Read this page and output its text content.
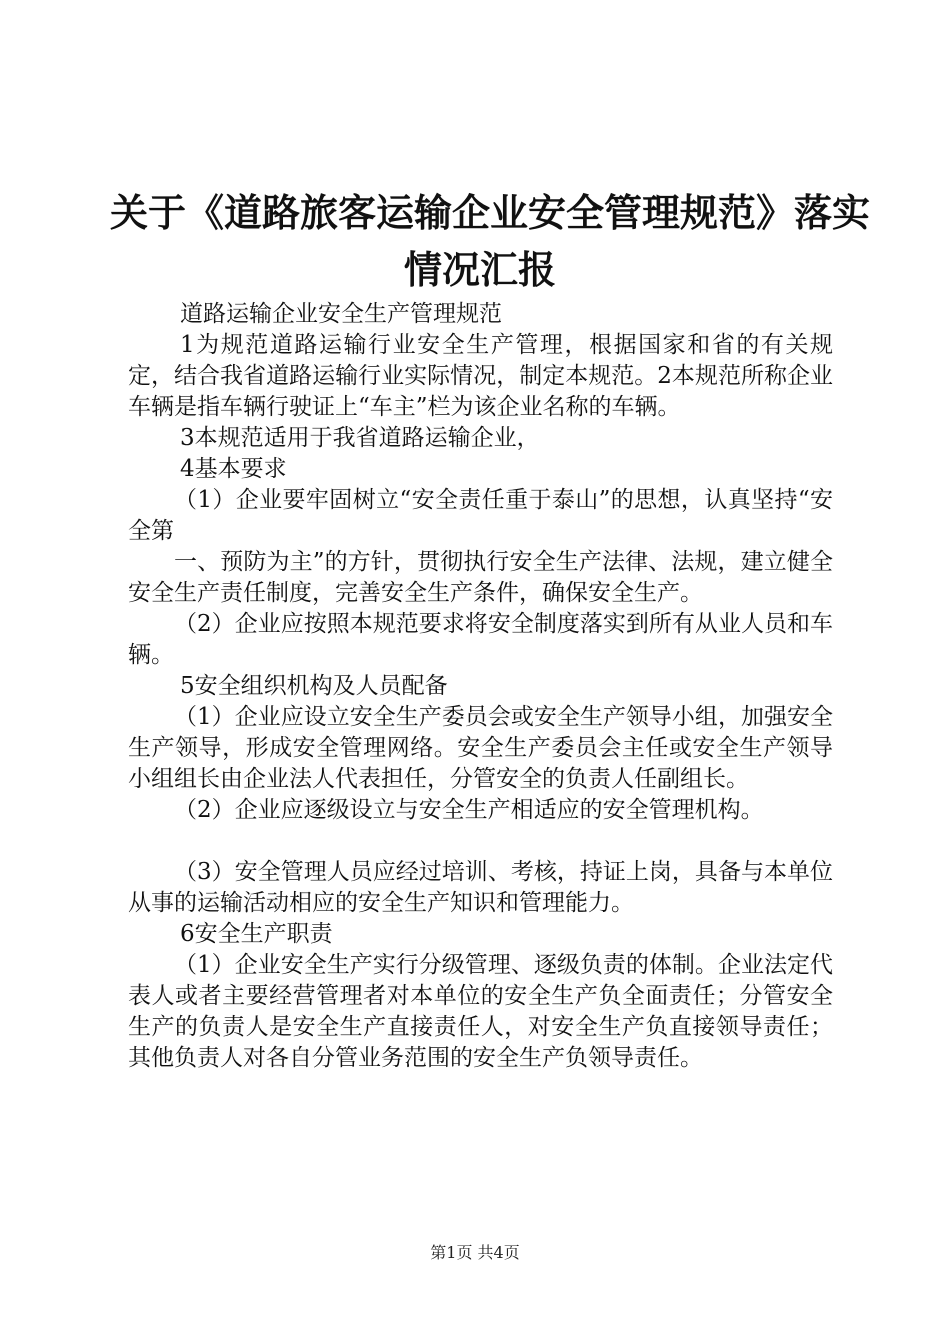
关于《道路旅客运输企业安全管理规范》落实
情况汇报

道路运输企业安全生产管理规范

1为规范道路运输行业安全生产管理，根据国家和省的有关规定，结合我省道路运输行业实际情况，制定本规范。2本规范所称企业车辆是指车辆行驶证上“车主”栏为该企业名称的车辆。

3本规范适用于我省道路运输企业，

4基本要求

（1）企业要牢固树立“安全责任重于泰山”的思想，认真坚持“安全第

一、预防为主”的方针，贯彻执行安全生产法律、法规，建立健全安全生产责任制度，完善安全生产条件，确保安全生产。

（2）企业应按照本规范要求将安全制度落实到所有从业人员和车辆。

5安全组织机构及人员配备

（1）企业应设立安全生产委员会或安全生产领导小组，加强安全生产领导，形成安全管理网络。安全生产委员会主任或安全生产领导小组组长由企业法人代表担任，分管安全的负责人任副组长。

（2）企业应逐级设立与安全生产相适应的安全管理机构。

（3）安全管理人员应经过培训、考核，持证上岗，具备与本单位从事的运输活动相应的安全生产知识和管理能力。

6安全生产职责

（1）企业安全生产实行分级管理、逐级负责的体制。企业法定代表人或者主要经营管理者对本单位的安全生产负全面责任；分管安全生产的负责人是安全生产直接责任人，对安全生产负直接领导责任；其他负责人对各自分管业务范围的安全生产负领导责任。

第1页 共4页
